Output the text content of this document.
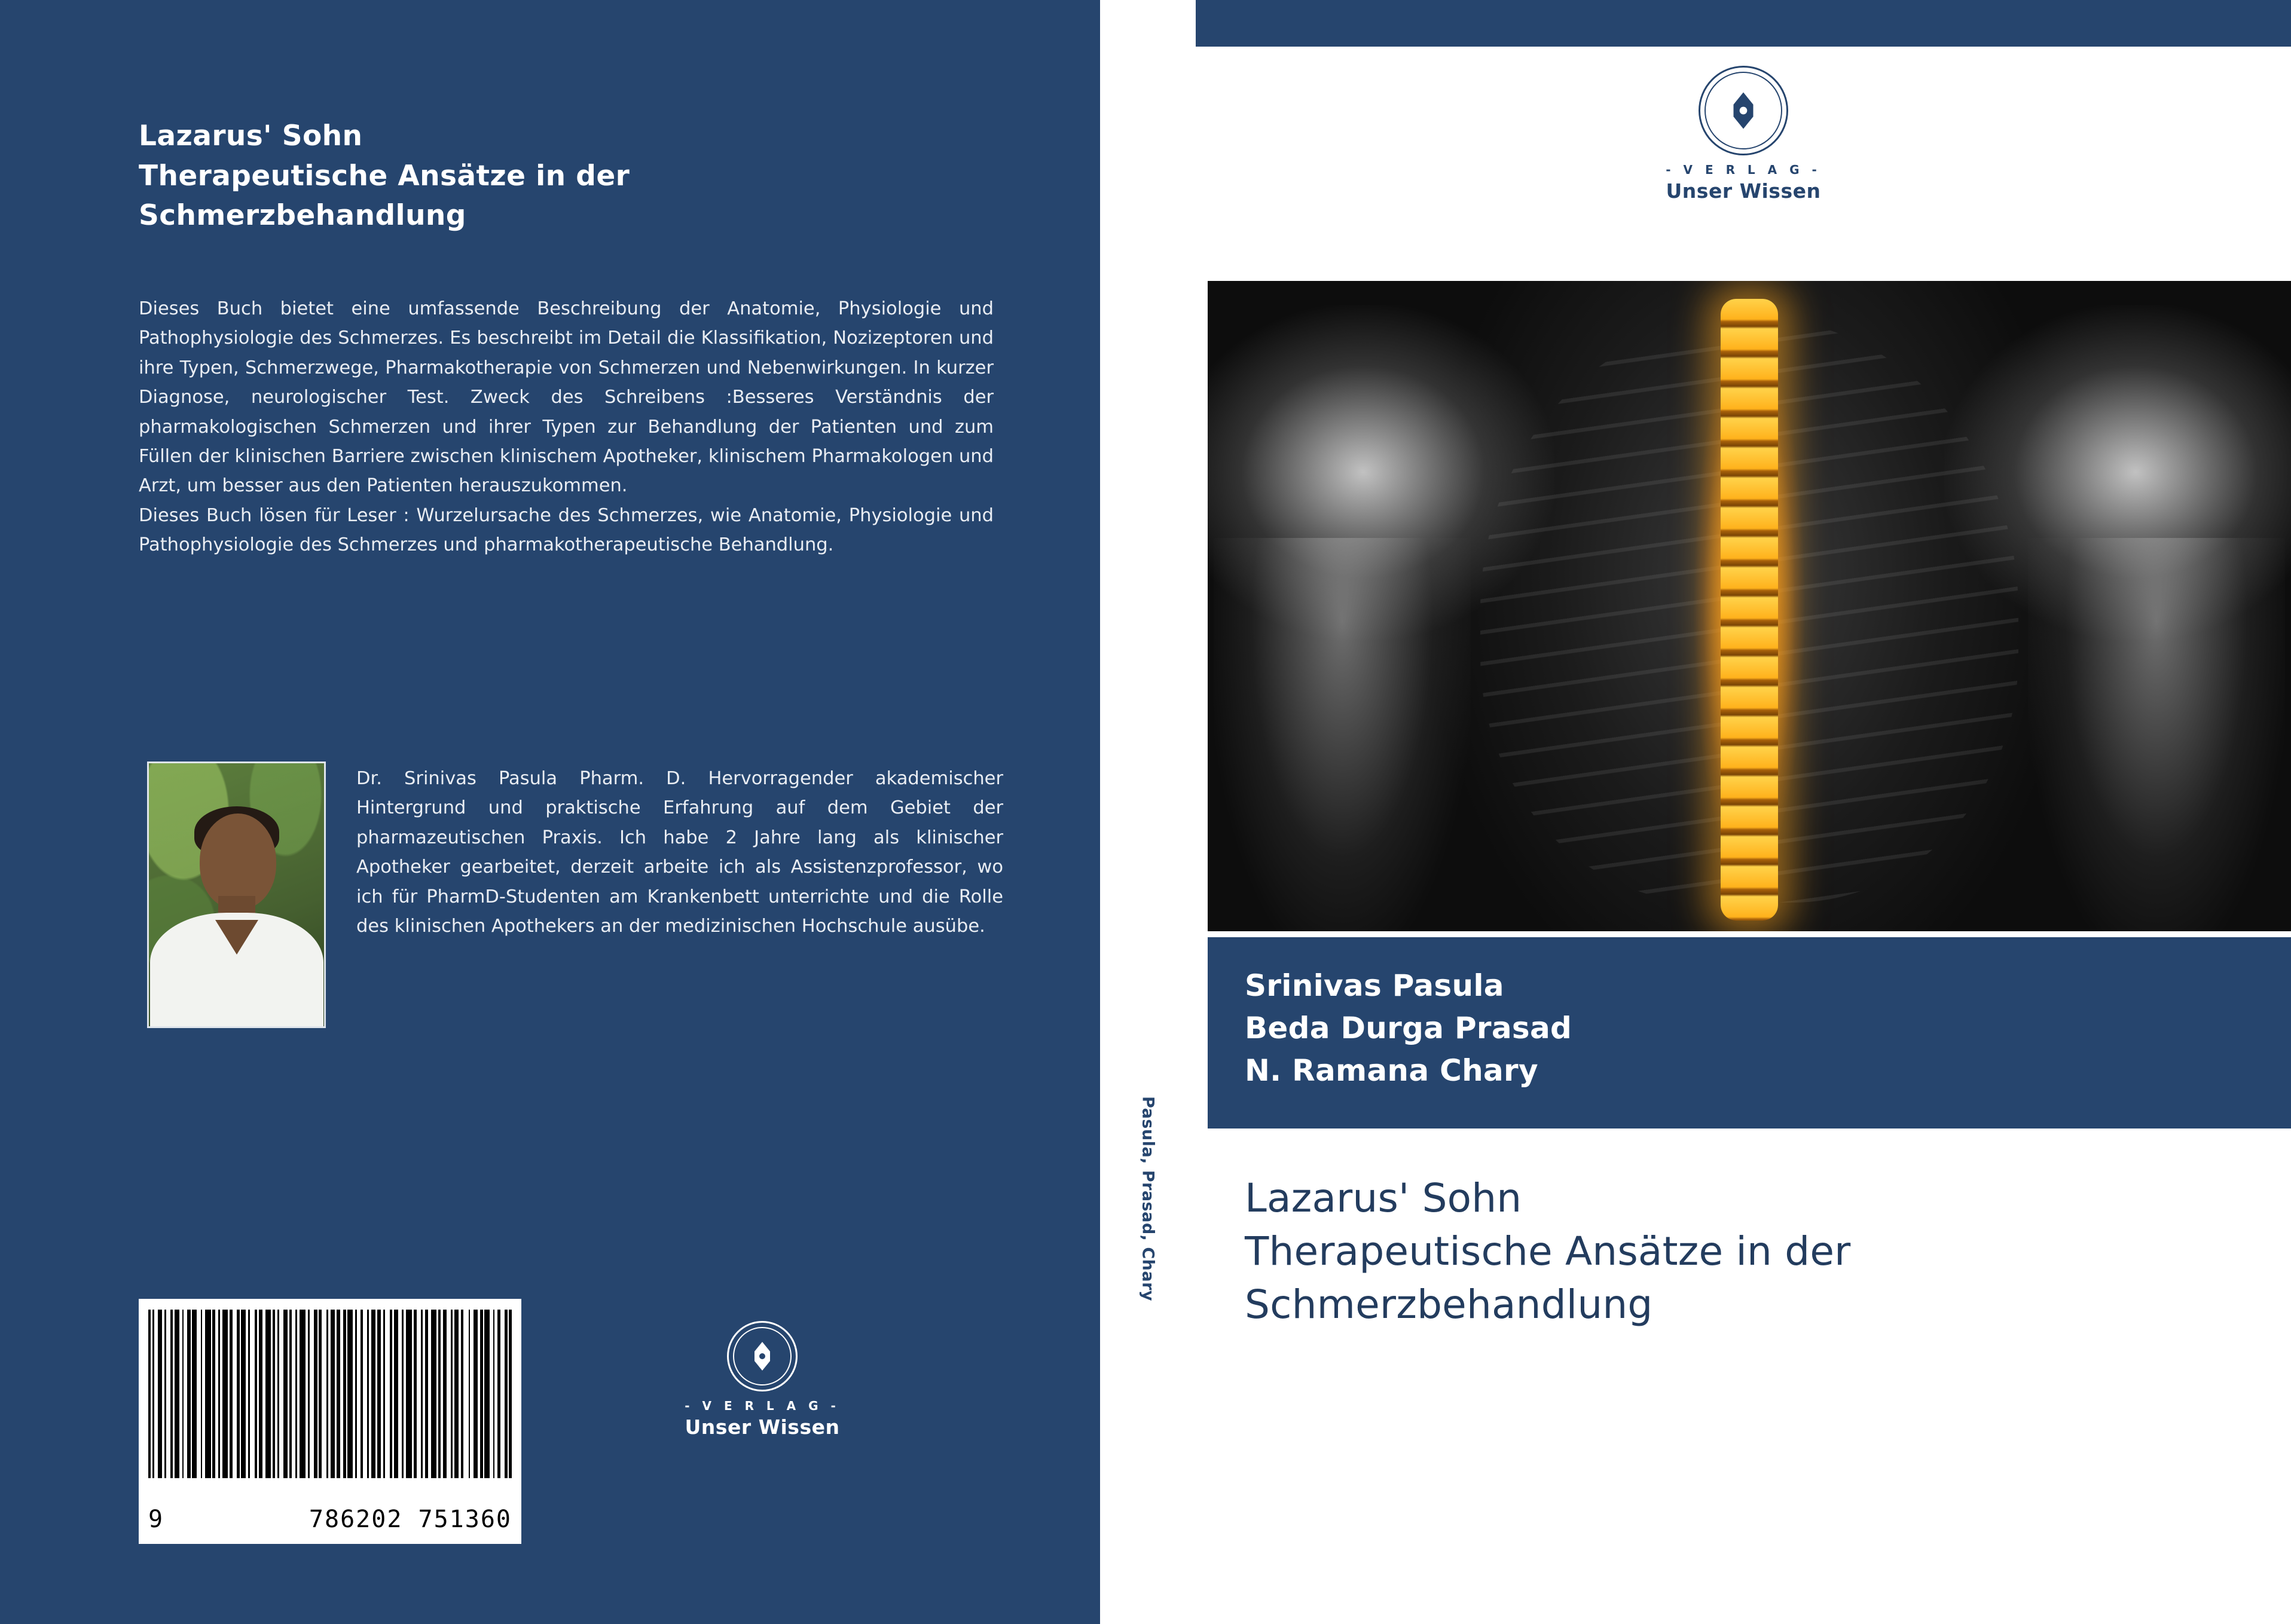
Lazarus' Sohn
Therapeutische Ansätze in der
Schmerzbehandlung

Dieses Buch bietet eine umfassende Beschreibung der Anatomie, Physiologie und Pathophysiologie des Schmerzes. Es beschreibt im Detail die Klassifikation, Nozizeptoren und ihre Typen, Schmerzwege, Pharmakotherapie von Schmerzen und Nebenwirkungen. In kurzer Diagnose, neurologischer Test. Zweck des Schreibens :Besseres Verständnis der pharmakologischen Schmerzen und ihrer Typen zur Behandlung der Patienten und zum Füllen der klinischen Barriere zwischen klinischem Apotheker, klinischem Pharmakologen und Arzt, um besser aus den Patienten herauszukommen.

Dieses Buch lösen für Leser : Wurzelursache des Schmerzes, wie Anatomie, Physiologie und Pathophysiologie des Schmerzes und pharmakotherapeutische Behandlung.

Dr. Srinivas Pasula Pharm. D. Hervorragender akademischer Hintergrund und praktische Erfahrung auf dem Gebiet der pharmazeutischen Praxis. Ich habe 2 Jahre lang als klinischer Apotheker gearbeitet, derzeit arbeite ich als Assistenzprofessor, wo ich für PharmD-Studenten am Krankenbett unterrichte und die Rolle des klinischen Apothekers an der medizinischen Hochschule ausübe.
9	786202 751360
- V E R L A G -
Unser Wissen
Pasula, Prasad, Chary
- V E R L A G -
Unser Wissen
Srinivas Pasula
Beda Durga Prasad
N. Ramana Chary
Lazarus' Sohn
Therapeutische Ansätze in der
Schmerzbehandlung
